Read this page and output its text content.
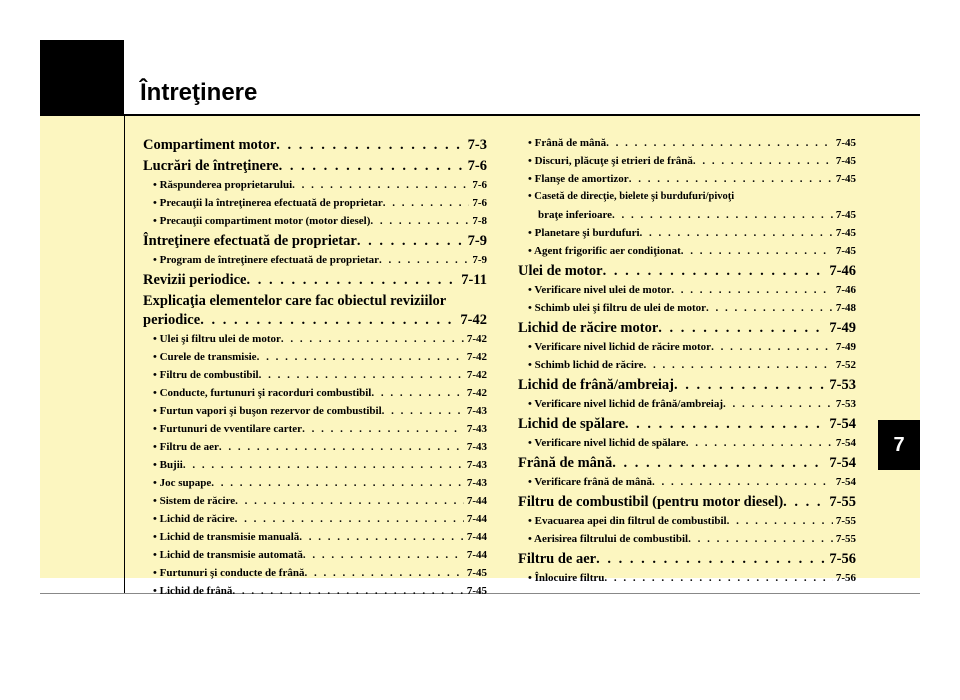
Întreţinere
7
Compartiment motor . . .	7-3
Lucrări de întreţinere . . .	7-6
• Răspunderea proprietarului . . .	7-6
• Precauţii la întreţinerea efectuată de proprietar . . .	7-6
• Precauţii compartiment motor (motor diesel) . . .	7-8
Întreţinere efectuată de proprietar . . .	7-9
• Program de întreţinere efectuată de proprietar . . .	7-9
Revizii periodice . . .	7-11
Explicaţia elementelor care fac obiectul reviziilor
periodice . . .	7-42
• Ulei şi filtru ulei de motor . . .	7-42
• Curele de transmisie . . .	7-42
• Filtru de combustibil . . .	7-42
• Conducte, furtunuri şi racorduri combustibil . . .	7-42
• Furtun vapori şi buşon rezervor de combustibil . . .	7-43
• Furtunuri de vventilare carter . . .	7-43
• Filtru de aer . . .	7-43
• Bujii . . .	7-43
• Joc supape . . .	7-43
• Sistem de răcire . . .	7-44
• Lichid de răcire . . .	7-44
• Lichid de transmisie manuală . . .	7-44
• Lichid de transmisie automată . . .	7-44
• Furtunuri şi conducte de frână . . .	7-45
• Lichid de frână . . .	7-45
• Frână de mână . . .	7-45
• Discuri, plăcuţe şi etrieri de frână . . .	7-45
• Flanşe de amortizor . . .	7-45
• Casetă de direcţie, bielete şi burdufuri/pivoţi
braţe inferioare . . .	7-45
• Planetare şi burdufuri . . .	7-45
• Agent frigorific aer condiţionat . . .	7-45
Ulei de motor . . .	7-46
• Verificare nivel ulei de motor . . .	7-46
• Schimb ulei şi filtru de ulei de motor . . .	7-48
Lichid de răcire motor . . .	7-49
• Verificare nivel lichid de răcire motor . . .	7-49
• Schimb lichid de răcire . . .	7-52
Lichid de frână/ambreiaj . . .	7-53
• Verificare nivel lichid de frână/ambreiaj . . .	7-53
Lichid de spălare . . .	7-54
• Verificare nivel lichid de spălare . . .	7-54
Frână de mână . . .	7-54
• Verificare frână de mână . . .	7-54
Filtru de combustibil (pentru motor diesel) . . .	7-55
• Evacuarea apei din filtrul de combustibil . . .	7-55
• Aerisirea filtrului de combustibil . . .	7-55
Filtru de aer . . .	7-56
• Înlocuire filtru . . .	7-56
